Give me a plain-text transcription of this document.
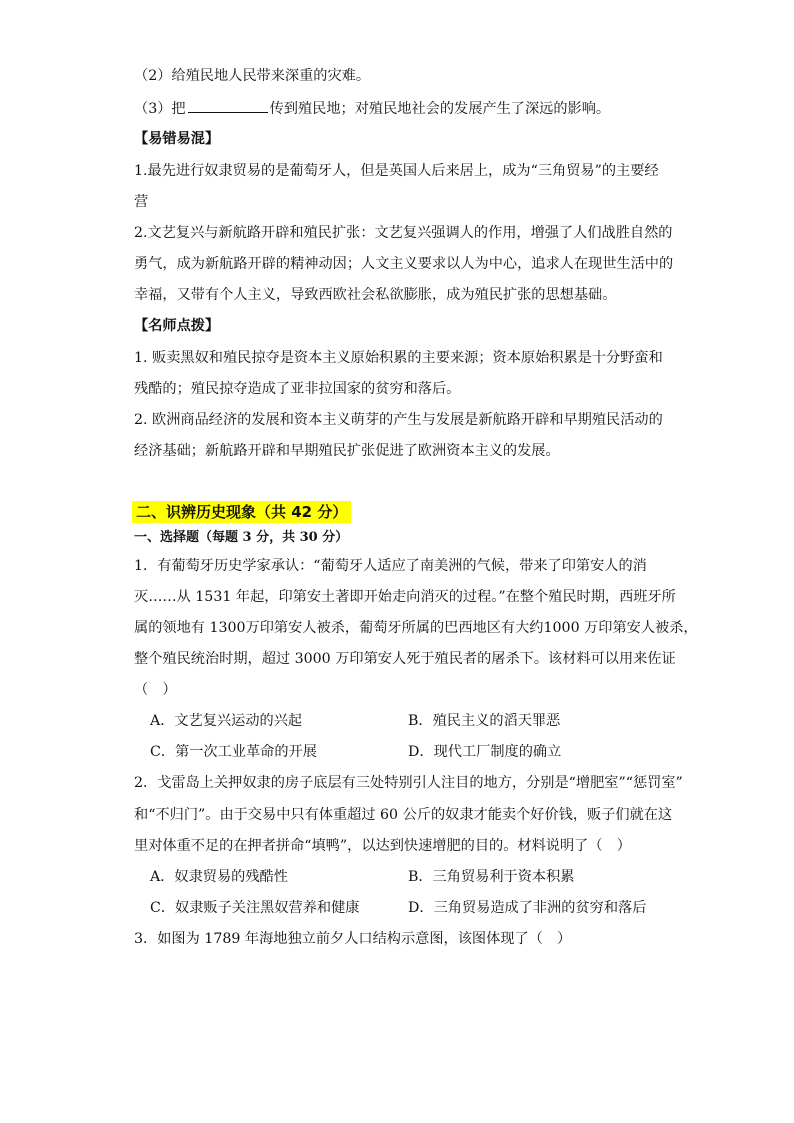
（2）给殖民地人民带来深重的灾难。
（3）把	传到殖民地；对殖民地社会的发展产生了深远的影响。
【易错易混】
1.最先进行奴隶贸易的是葡萄牙人，但是英国人后来居上，成为“三角贸易”的主要经
营
2.文艺复兴与新航路开辟和殖民扩张：文艺复兴强调人的作用，增强了人们战胜自然的
勇气，成为新航路开辟的精神动因；人文主义要求以人为中心，追求人在现世生活中的
幸福，又带有个人主义，导致西欧社会私欲膨胀，成为殖民扩张的思想基础。
【名师点拨】
1. 贩卖黑奴和殖民掠夺是资本主义原始积累的主要来源；资本原始积累是十分野蛮和
残酷的；殖民掠夺造成了亚非拉国家的贫穷和落后。
2. 欧洲商品经济的发展和资本主义萌芽的产生与发展是新航路开辟和早期殖民活动的
经济基础；新航路开辟和早期殖民扩张促进了欧洲资本主义的发展。
二、识辨历史现象（共 42 分）
一、选择题（每题 3 分，共 30 分）
1．有葡萄牙历史学家承认：“葡萄牙人适应了南美洲的气候，带来了印第安人的消
灭……从 1531 年起，印第安土著即开始走向消灭的过程。”在整个殖民时期，西班牙所
属的领地有 1300万印第安人被杀，葡萄牙所属的巴西地区有大约1000 万印第安人被杀，
整个殖民统治时期，超过 3000 万印第安人死于殖民者的屠杀下。该材料可以用来佐证
（　）
A．文艺复兴运动的兴起	B．殖民主义的滔天罪恶
C．第一次工业革命的开展	D．现代工厂制度的确立
2．戈雷岛上关押奴隶的房子底层有三处特别引人注目的地方，分别是“增肥室”“惩罚室”
和“不归门”。由于交易中只有体重超过 60 公斤的奴隶才能卖个好价钱，贩子们就在这
里对体重不足的在押者拼命“填鸭”，以达到快速增肥的目的。材料说明了（　）
A．奴隶贸易的残酷性	B．三角贸易利于资本积累
C．奴隶贩子关注黑奴营养和健康	D．三角贸易造成了非洲的贫穷和落后
3．如图为 1789 年海地独立前夕人口结构示意图，该图体现了（　）
